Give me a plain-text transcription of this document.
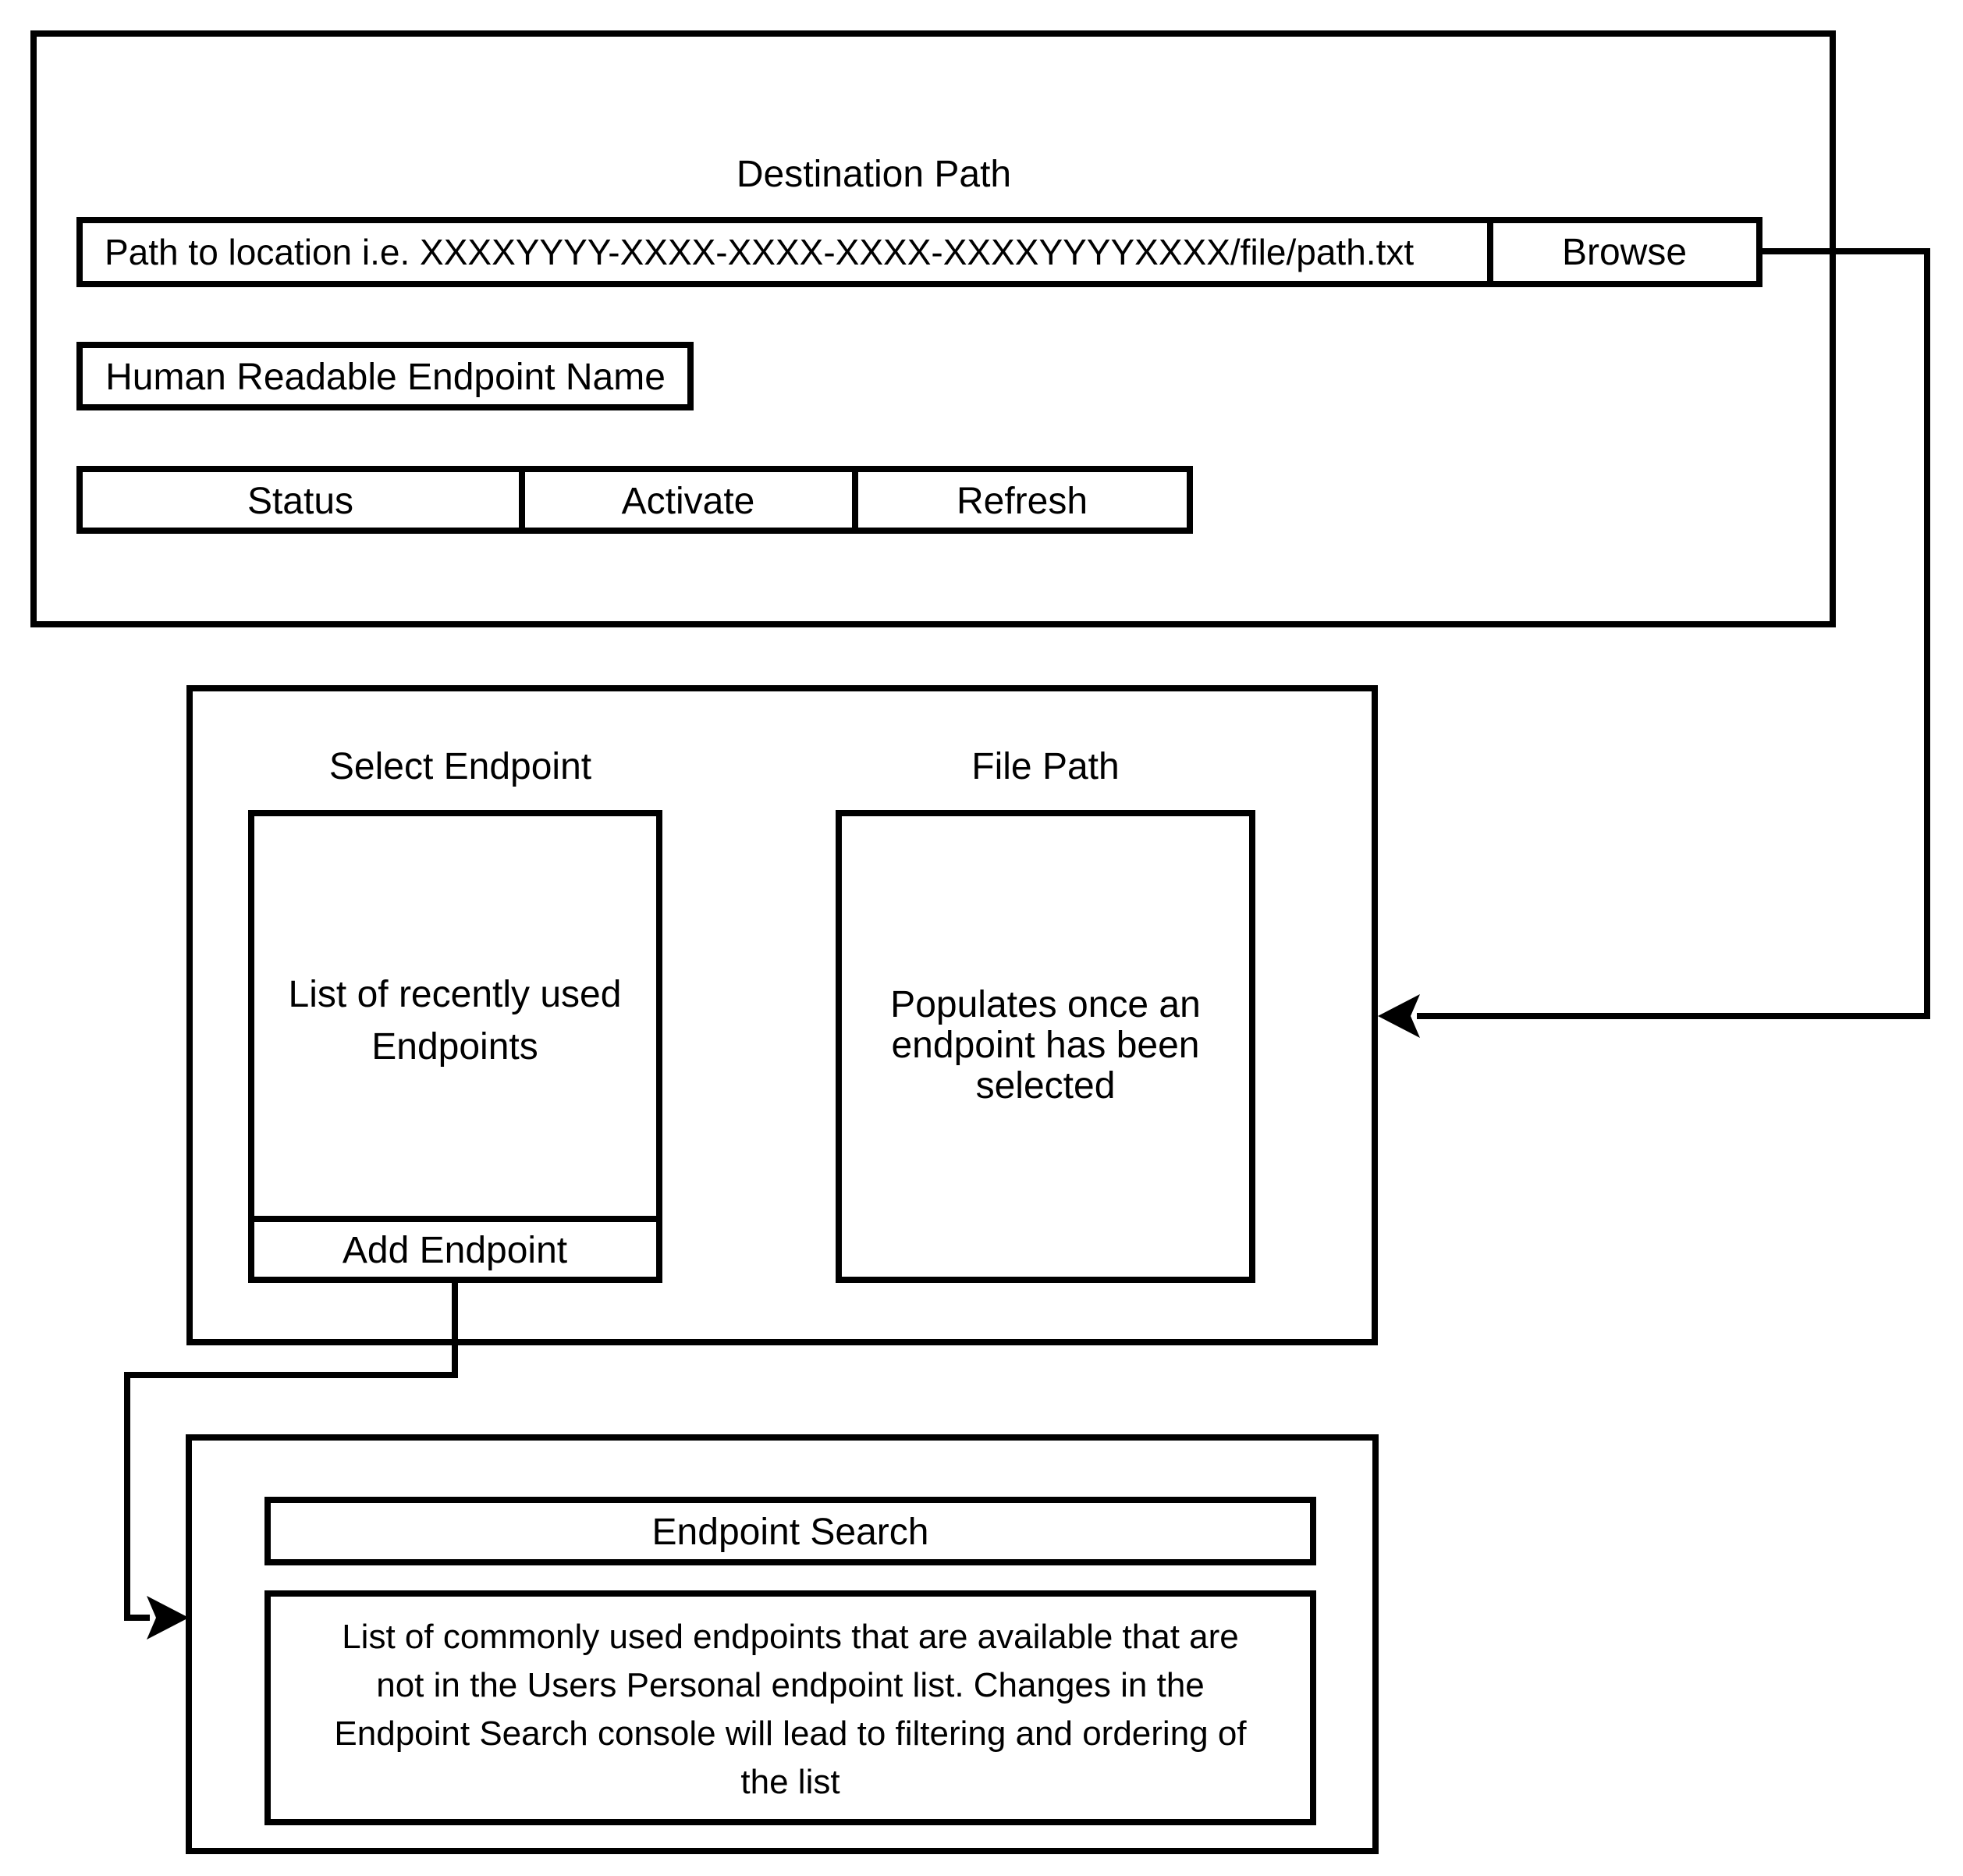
Destination Path
Path to location i.e. XXXXYYYY-XXXX-XXXX-XXXX-XXXXYYYYXXXX/file/path.txt	Browse
Human Readable Endpoint Name
Status	Activate	Refresh
Select Endpoint	File Path
List of recently used
Endpoints
Add Endpoint
Populates once an
endpoint has been
selected
Endpoint Search
List of commonly used endpoints that are available that are
not in the Users Personal endpoint list. Changes in the
Endpoint Search console will lead to filtering and ordering of
the list
